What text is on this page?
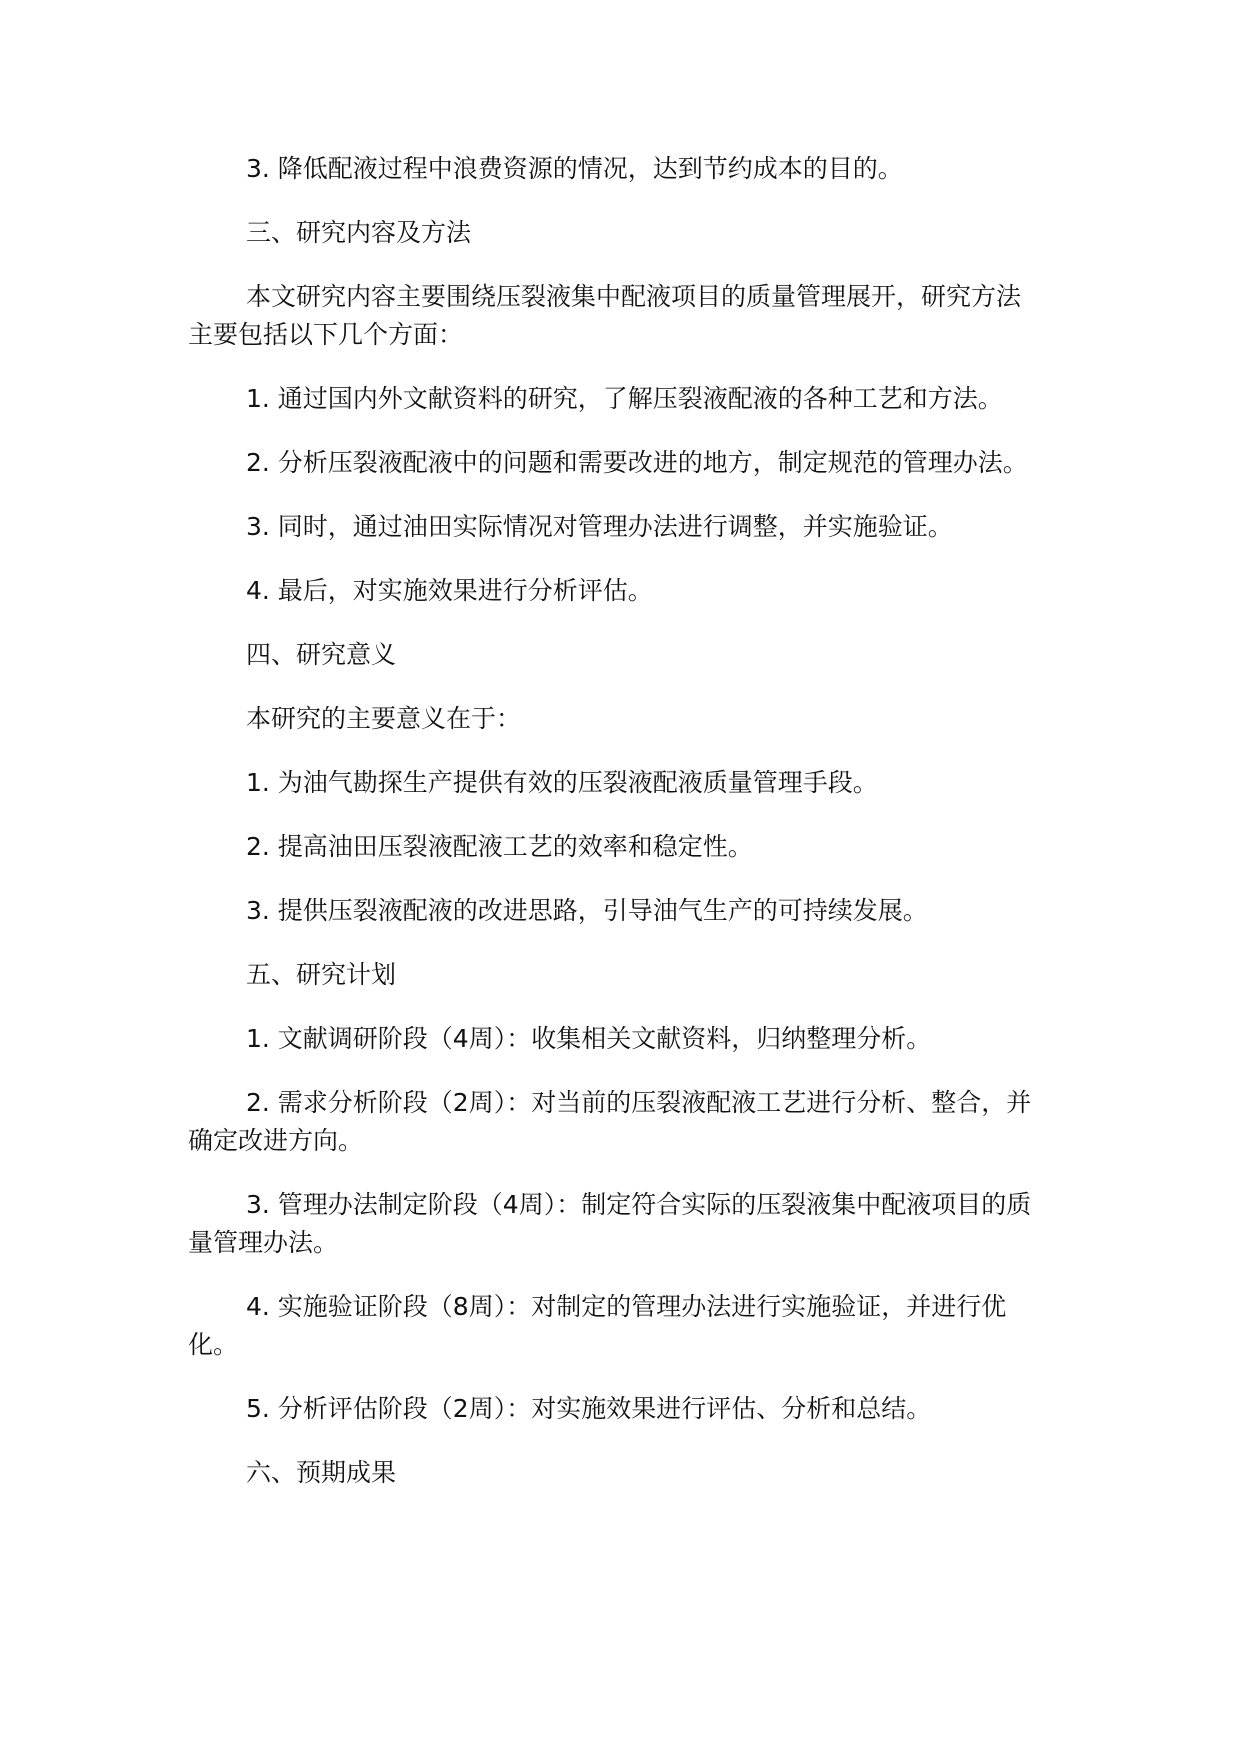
3. 降低配液过程中浪费资源的情况，达到节约成本的目的。

三、研究内容及方法

本文研究内容主要围绕压裂液集中配液项目的质量管理展开，研究方法主要包括以下几个方面：

1. 通过国内外文献资料的研究，了解压裂液配液的各种工艺和方法。

2. 分析压裂液配液中的问题和需要改进的地方，制定规范的管理办法。

3. 同时，通过油田实际情况对管理办法进行调整，并实施验证。

4. 最后，对实施效果进行分析评估。

四、研究意义

本研究的主要意义在于：

1. 为油气勘探生产提供有效的压裂液配液质量管理手段。

2. 提高油田压裂液配液工艺的效率和稳定性。

3. 提供压裂液配液的改进思路，引导油气生产的可持续发展。

五、研究计划

1. 文献调研阶段（4周）：收集相关文献资料，归纳整理分析。

2. 需求分析阶段（2周）：对当前的压裂液配液工艺进行分析、整合，并确定改进方向。

3. 管理办法制定阶段（4周）：制定符合实际的压裂液集中配液项目的质量管理办法。

4. 实施验证阶段（8周）：对制定的管理办法进行实施验证，并进行优化。

5. 分析评估阶段（2周）：对实施效果进行评估、分析和总结。

六、预期成果
